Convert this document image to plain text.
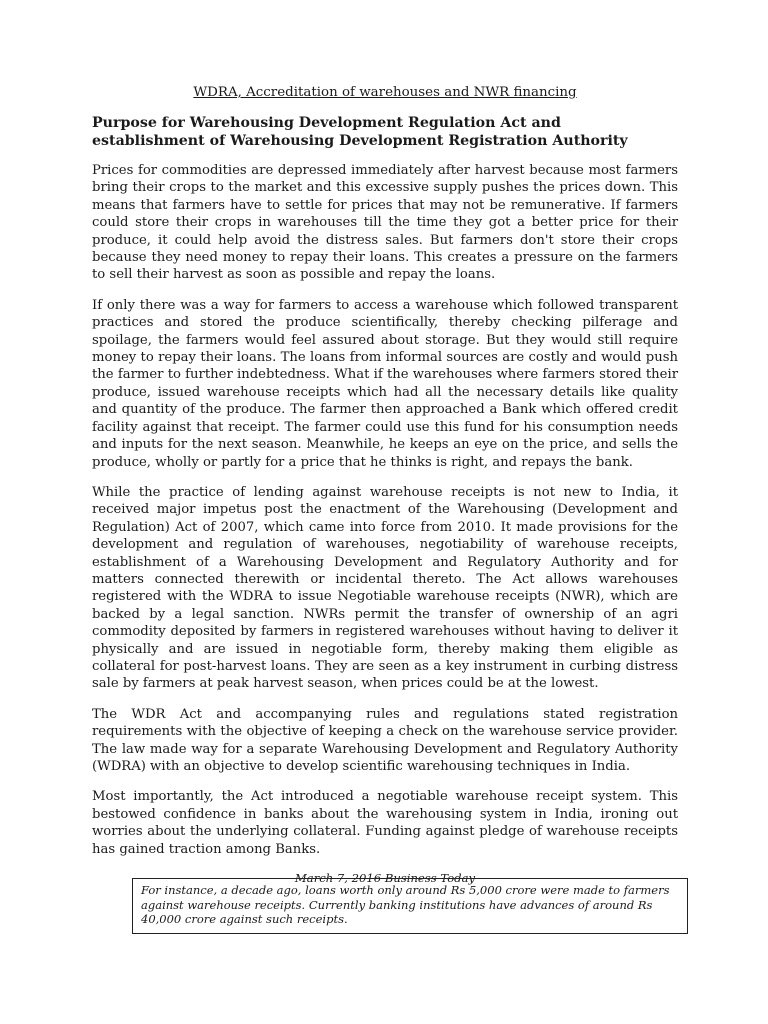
WDRA, Accreditation of warehouses and NWR financing
Purpose for Warehousing Development Regulation Act and establishment of Warehousing Development Registration Authority

Prices for commodities are depressed immediately after harvest because most farmers bring their crops to the market and this excessive supply pushes the prices down. This means that farmers have to settle for prices that may not be remunerative. If farmers could store their crops in warehouses till the time they got a better price for their produce, it could help avoid the distress sales. But farmers don't store their crops because they need money to repay their loans. This creates a pressure on the farmers to sell their harvest as soon as possible and repay the loans.

If only there was a way for farmers to access a warehouse which followed transparent practices and stored the produce scientifically, thereby checking pilferage and spoilage, the farmers would feel assured about storage. But they would still require money to repay their loans. The loans from informal sources are costly and would push the farmer to further indebtedness. What if the warehouses where farmers stored their produce, issued warehouse receipts which had all the necessary details like quality and quantity of the produce. The farmer then approached a Bank which offered credit facility against that receipt. The farmer could use this fund for his consumption needs and inputs for the next season. Meanwhile, he keeps an eye on the price, and sells the produce, wholly or partly for a price that he thinks is right, and repays the bank.

While the practice of lending against warehouse receipts is not new to India, it received major impetus post the enactment of the Warehousing (Development and Regulation) Act of 2007, which came into force from 2010. It made provisions for the development and regulation of warehouses, negotiability of warehouse receipts, establishment of a Warehousing Development and Regulatory Authority and for matters connected therewith or incidental thereto. The Act allows warehouses registered with the WDRA to issue Negotiable warehouse receipts (NWR), which are backed by a legal sanction. NWRs permit the transfer of ownership of an agri commodity deposited by farmers in registered warehouses without having to deliver it physically and are issued in negotiable form, thereby making them eligible as collateral for post-harvest loans. They are seen as a key instrument in curbing distress sale by farmers at peak harvest season, when prices could be at the lowest.

The WDR Act and accompanying rules and regulations stated registration requirements with the objective of keeping a check on the warehouse service provider. The law made way for a separate Warehousing Development and Regulatory Authority (WDRA) with an objective to develop scientific warehousing techniques in India.

Most importantly, the Act introduced a negotiable warehouse receipt system. This bestowed confidence in banks about the warehousing system in India, ironing out worries about the underlying collateral. Funding against pledge of warehouse receipts has gained traction among Banks.

March 7, 2016 Business Today
For instance, a decade ago, loans worth only around Rs 5,000 crore were made to farmers against warehouse receipts. Currently banking institutions have advances of around Rs 40,000 crore against such receipts.
